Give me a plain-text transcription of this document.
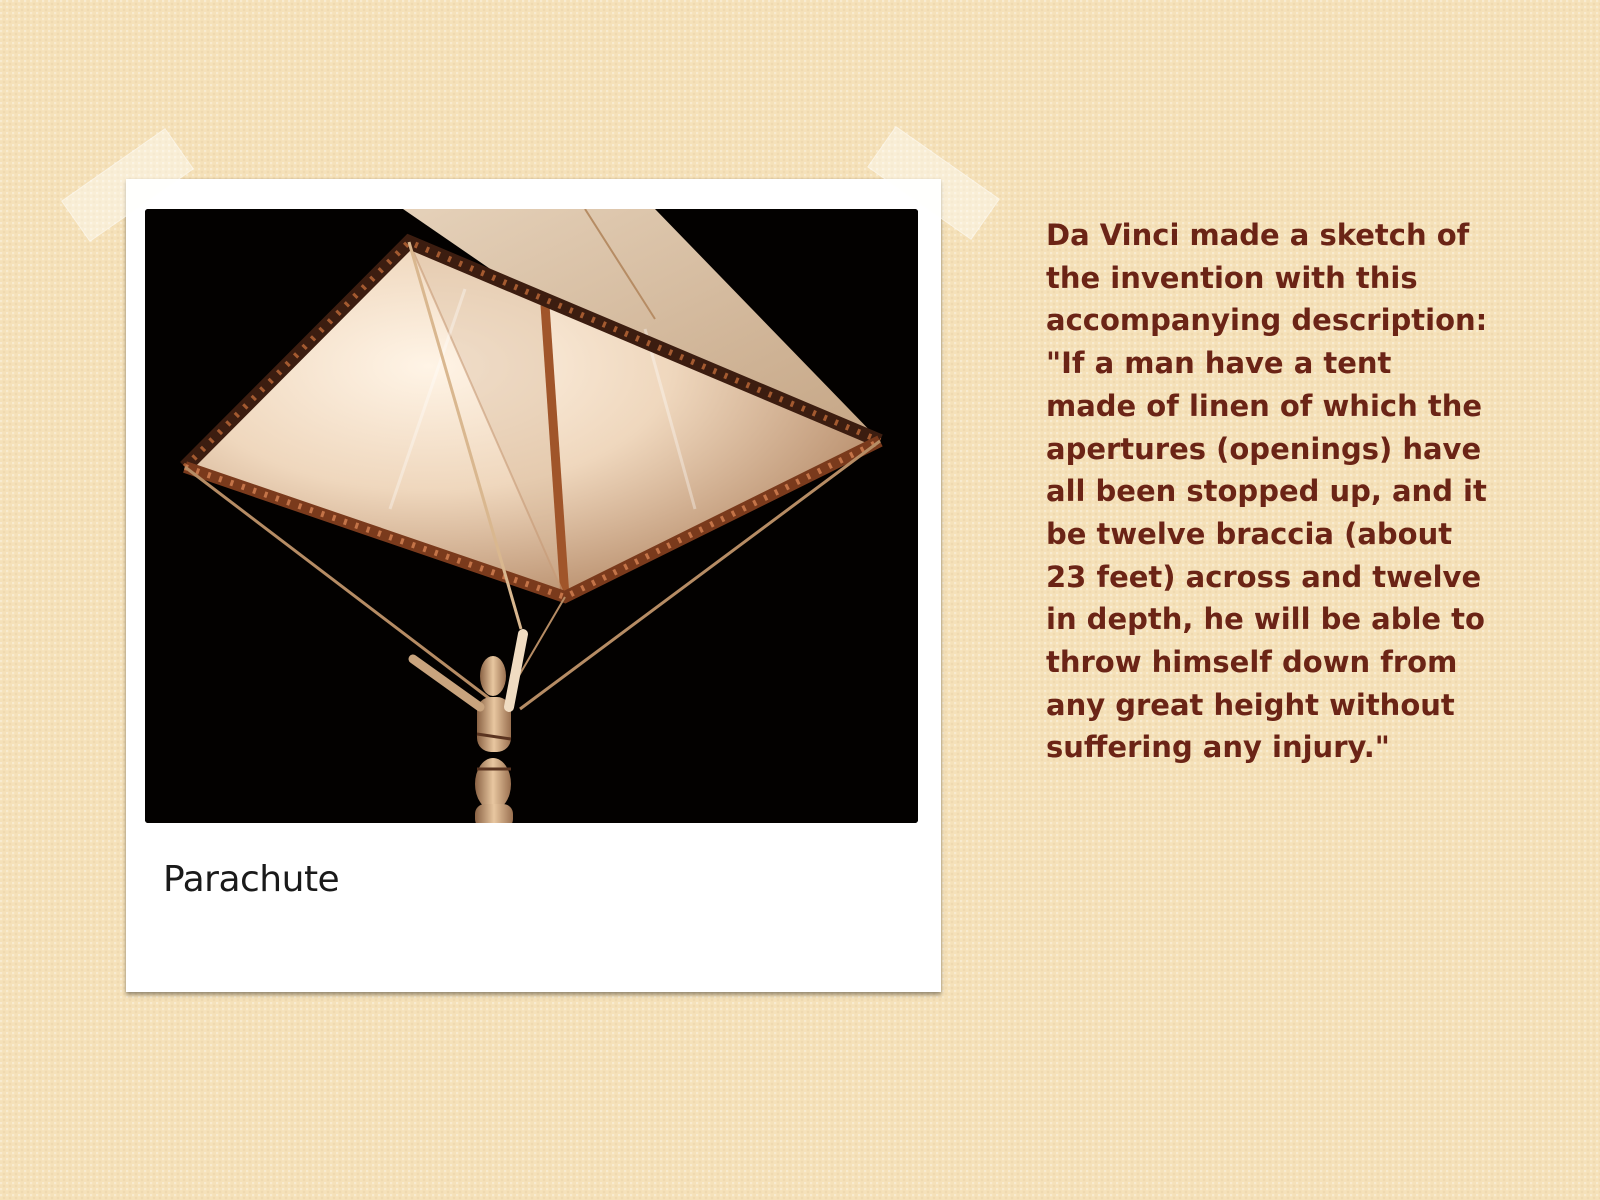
Parachute
Da Vinci made a sketch of
the invention with this
accompanying description:
"If a man have a tent
made of linen of which the
apertures (openings) have
all been stopped up, and it
be twelve braccia (about
23 feet) across and twelve
in depth, he will be able to
throw himself down from
any great height without
suffering any injury."
